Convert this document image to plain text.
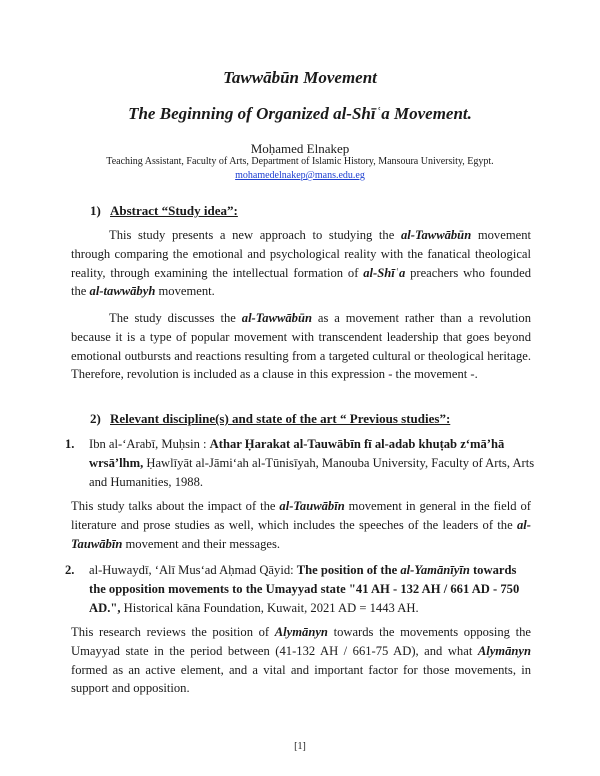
Tawwābūn Movement
The Beginning of Organized al-Shīʿa Movement.
Moḥamed Elnakep
Teaching Assistant, Faculty of Arts, Department of Islamic History, Mansoura University, Egypt.
mohamedelnakep@mans.edu.eg
1) Abstract “Study idea”:
This study presents a new approach to studying the al-Tawwābūn movement through comparing the emotional and psychological reality with the fanatical theological reality, through examining the intellectual formation of al-Shīʿa preachers who founded the al-tawwābyh movement.
The study discusses the al-Tawwābūn as a movement rather than a revolution because it is a type of popular movement with transcendent leadership that goes beyond emotional outbursts and reactions resulting from a targeted cultural or theological heritage. Therefore, revolution is included as a clause in this expression - the movement -.
2) Relevant discipline(s) and state of the art “ Previous studies”:
1. Ibn al-‘Arabī, Muḥsin : Athar Ḥarakat al-Tauwābīn fī al-adab khuṭab z‘mā’hā wrsā’lhm, Ḥawlīyāt al-Jāmiʻah al-Tūnisīyah, Manouba University, Faculty of Arts, Arts and Humanities, 1988.
This study talks about the impact of the al-Tauwābīn movement in general in the field of literature and prose studies as well, which includes the speeches of the leaders of the al-Tauwābīn movement and their messages.
2. al-Huwaydī, ‘Alī Mus‘ad Aḥmad Qāyid: The position of the al-Yamānīyīn towards the opposition movements to the Umayyad state "41 AH - 132 AH / 661 AD - 750 AD.", Historical kāna Foundation, Kuwait, 2021 AD = 1443 AH.
This research reviews the position of Alymānyn towards the movements opposing the Umayyad state in the period between (41-132 AH / 661-75 AD), and what Alymānyn formed as an active element, and a vital and important factor for those movements, in support and opposition.
[1]
